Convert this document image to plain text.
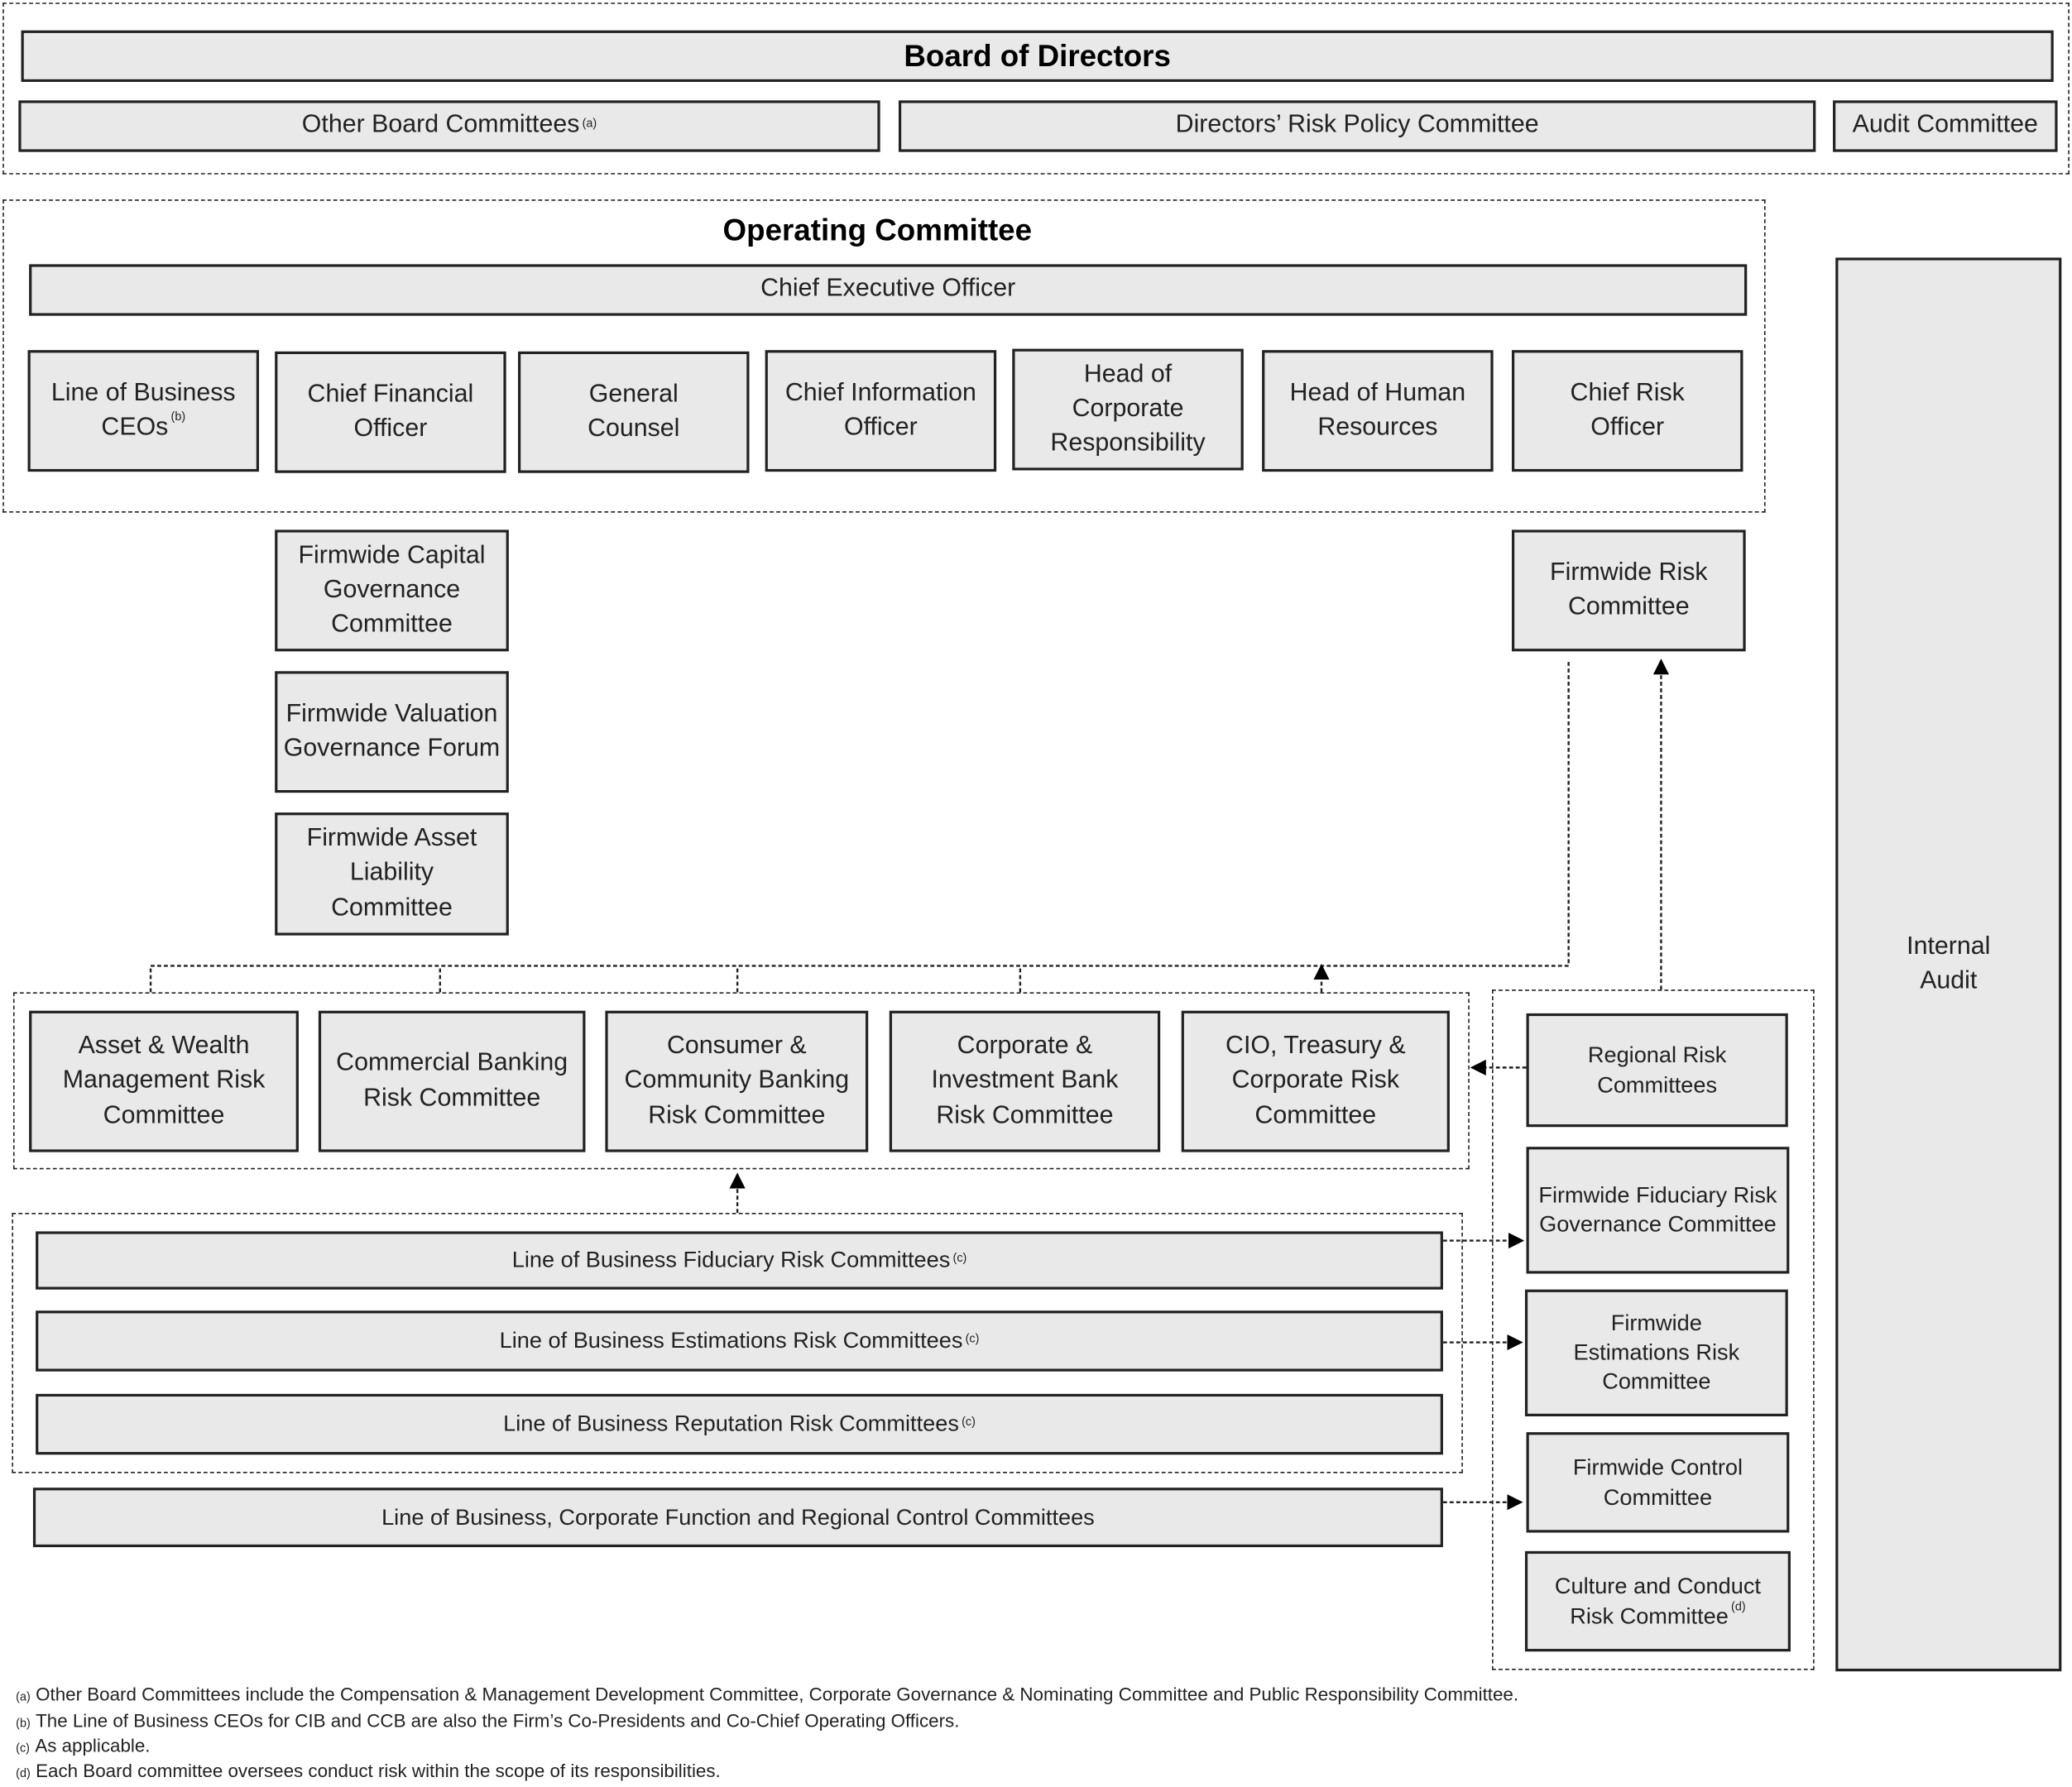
Board of Directors
Other Board Committees $^{(a)}$	Directors’ Risk Policy Committee	Audit Committee
Operating Committee
Chief Executive Officer
Line of Business CEOs $^{(b)}$
Chief Financial Officer
General Counsel
Chief Information Officer
Head of Corporate Responsibility
Head of Human Resources
Chief Risk Officer
Internal Audit
Firmwide Capital Governance Committee
Firmwide Valuation Governance Forum
Firmwide Asset Liability Committee
Firmwide Risk Committee
Asset & Wealth Management Risk Committee
Commercial Banking Risk Committee
Consumer & Community Banking Risk Committee
Corporate & Investment Bank Risk Committee
CIO, Treasury & Corporate Risk Committee
Regional Risk Committees
Firmwide Fiduciary Risk Governance Committee
Firmwide Estimations Risk Committee
Firmwide Control Committee
Culture and Conduct Risk Committee $^{(d)}$
Line of Business Fiduciary Risk Committees $^{(c)}$
Line of Business Estimations Risk Committees $^{(c)}$
Line of Business Reputation Risk Committees $^{(c)}$
Line of Business, Corporate Function and Regional Control Committees
(a) Other Board Committees include the Compensation & Management Development Committee, Corporate Governance & Nominating Committee and Public Responsibility Committee.
(b) The Line of Business CEOs for CIB and CCB are also the Firm’s Co-Presidents and Co-Chief Operating Officers.
(c) As applicable.
(d) Each Board committee oversees conduct risk within the scope of its responsibilities.
